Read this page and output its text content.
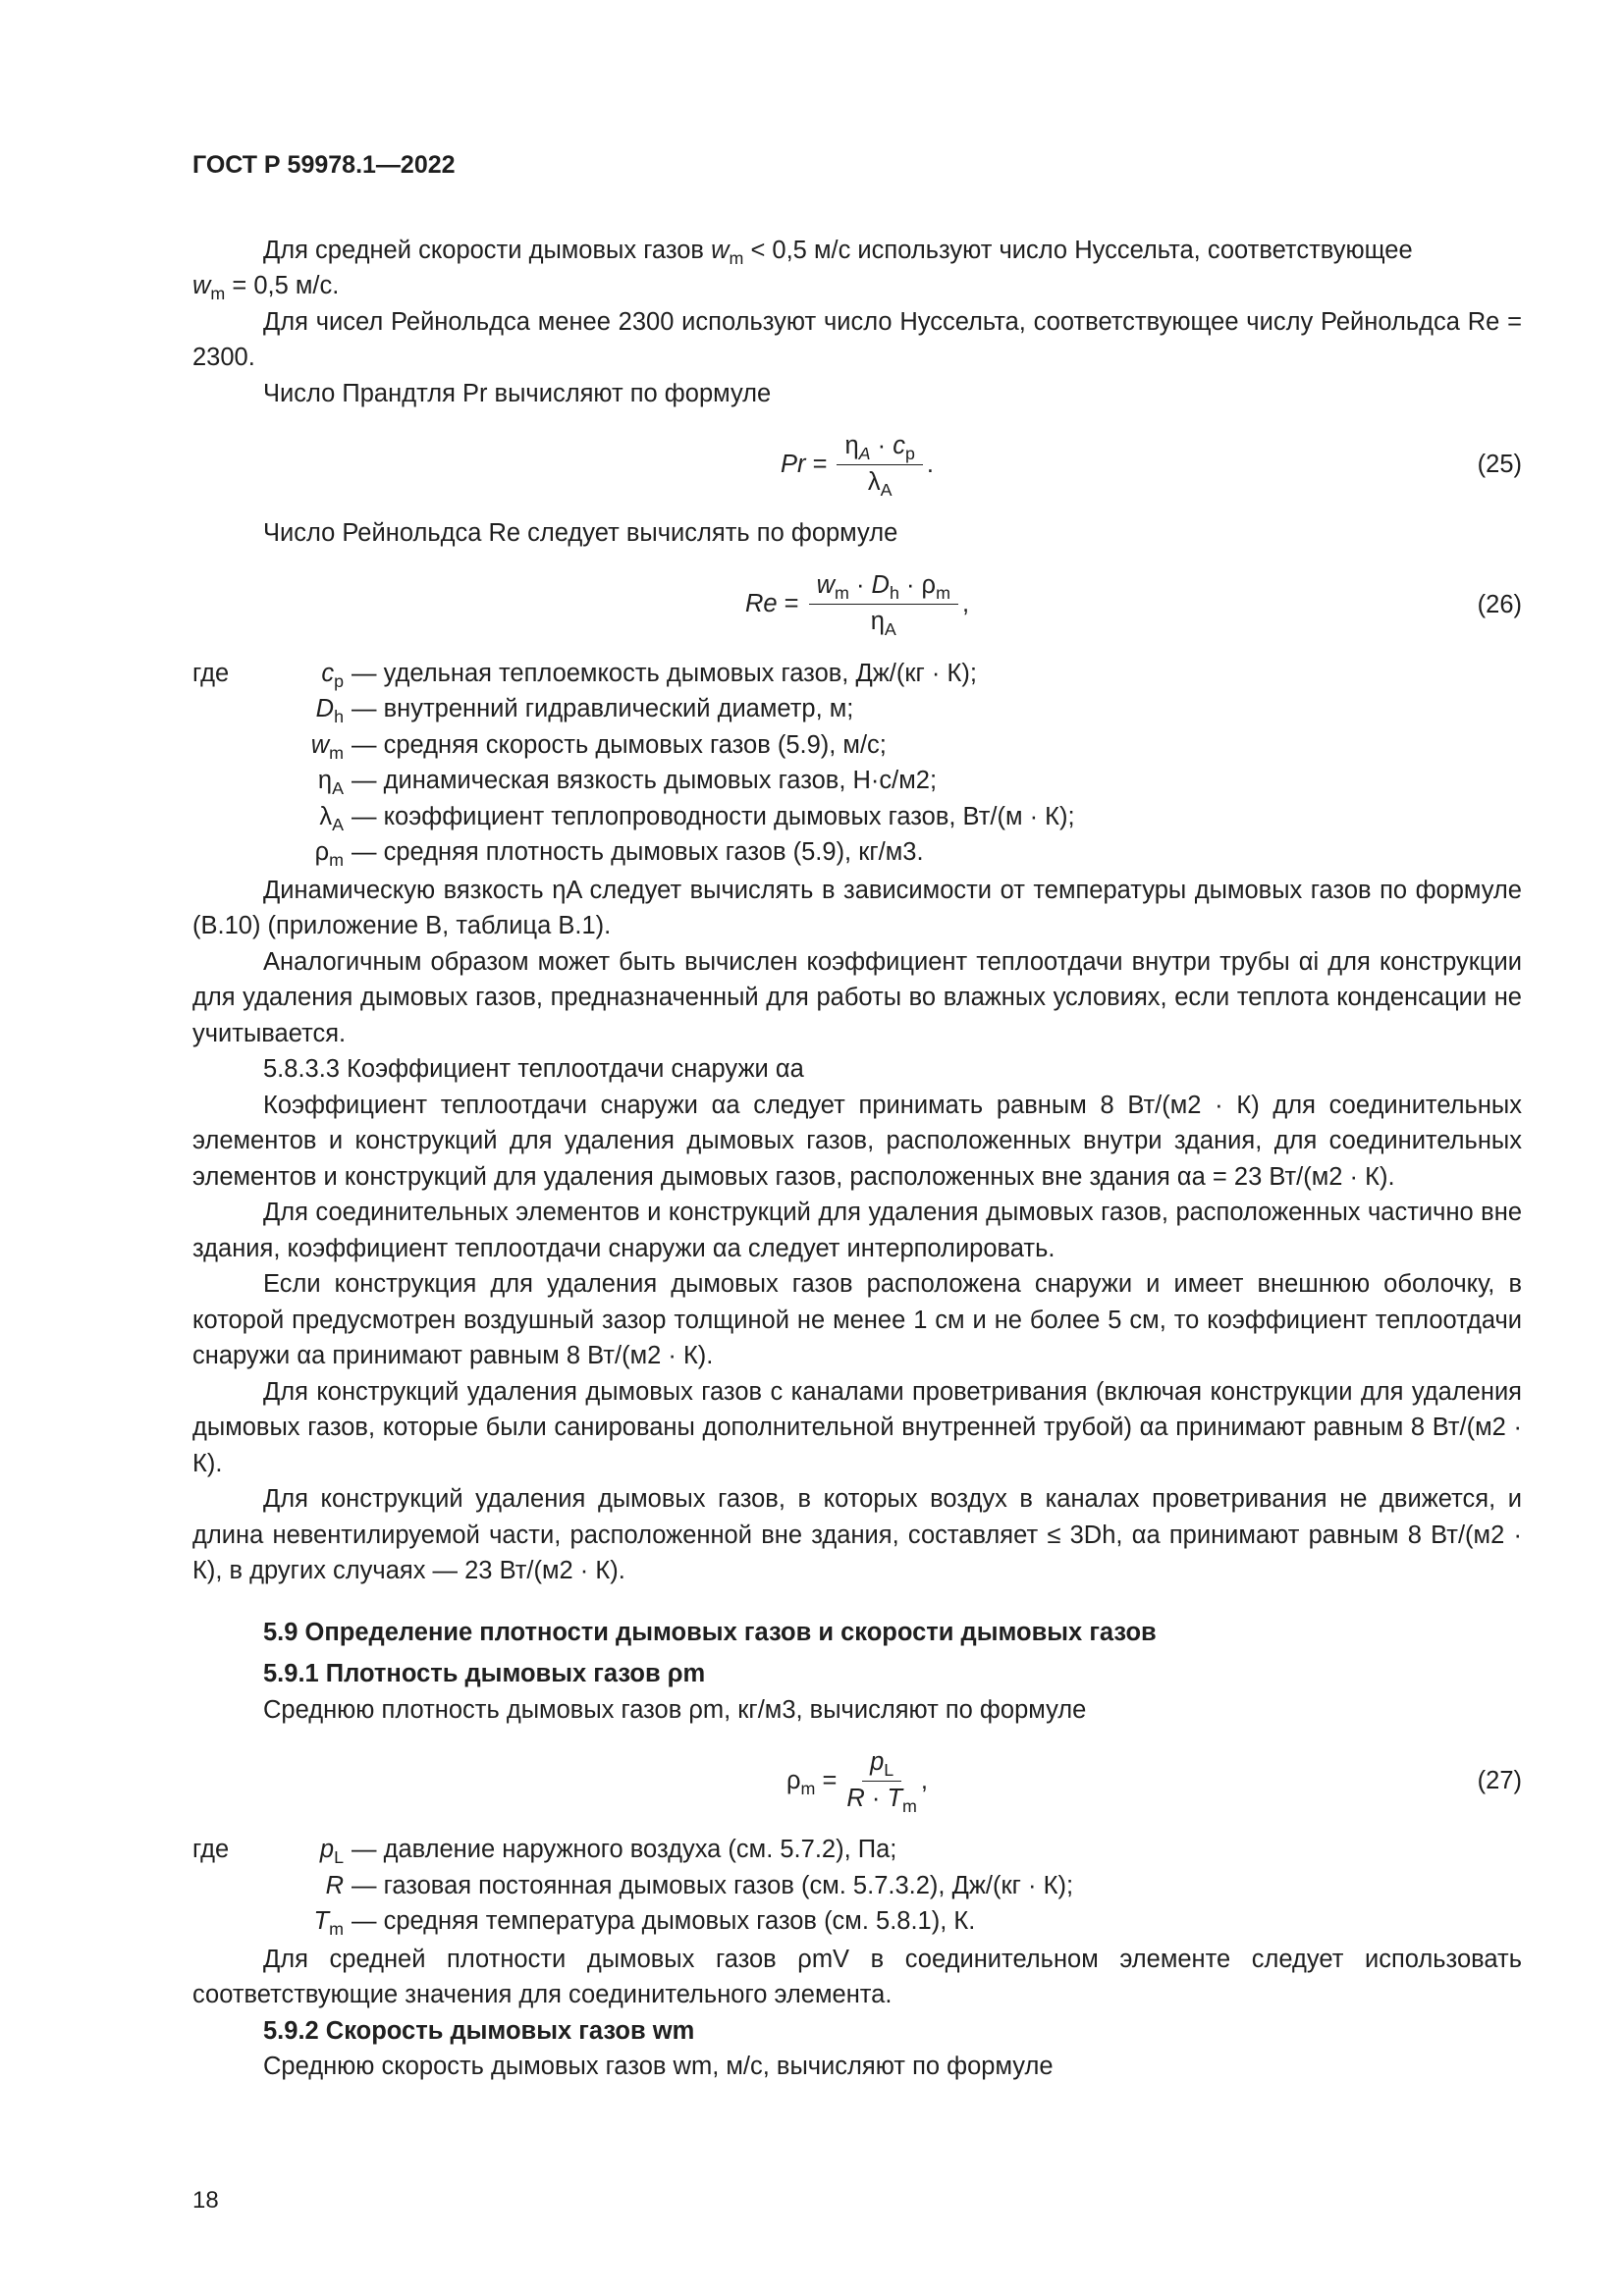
ГОСТ Р 59978.1—2022

Для средней скорости дымовых газов $w_m < 0,5$ м/с используют число Нуссельта, соответствующее

$w_m = 0,5$ м/с.

Для чисел Рейнольдса менее 2300 используют число Нуссельта, соответствующее числу Рейнольдса Re = 2300.

Число Прандтля Pr вычисляют по формуле

$Pr = \frac{\eta_A \cdot c_p}{\lambda_A}$ .	(25)

Число Рейнольдса Re следует вычислять по формуле

$Re = \frac{w_m \cdot D_h \cdot \rho_m}{\eta_A}$ ,	(26)
где	$c_p$ — удельная теплоемкость дымовых газов, Дж/(кг · К);
$D_h$ — внутренний гидравлический диаметр, м;
$w_m$ — средняя скорость дымовых газов (5.9), м/с;
$\eta_A$ — динамическая вязкость дымовых газов, Н·с/м2;
$\lambda_A$ — коэффициент теплопроводности дымовых газов, Вт/(м · К);
$\rho_m$ — средняя плотность дымовых газов (5.9), кг/м3.

Динамическую вязкость ηA следует вычислять в зависимости от температуры дымовых газов по формуле (B.10) (приложение B, таблица B.1).

Аналогичным образом может быть вычислен коэффициент теплоотдачи внутри трубы αi для конструкции для удаления дымовых газов, предназначенный для работы во влажных условиях, если теплота конденсации не учитывается.

5.8.3.3 Коэффициент теплоотдачи снаружи αa

Коэффициент теплоотдачи снаружи αa следует принимать равным 8 Вт/(м2 · К) для соединительных элементов и конструкций для удаления дымовых газов, расположенных внутри здания, для соединительных элементов и конструкций для удаления дымовых газов, расположенных вне здания αa = 23 Вт/(м2 · К).

Для соединительных элементов и конструкций для удаления дымовых газов, расположенных частично вне здания, коэффициент теплоотдачи снаружи αa следует интерполировать.

Если конструкция для удаления дымовых газов расположена снаружи и имеет внешнюю оболочку, в которой предусмотрен воздушный зазор толщиной не менее 1 см и не более 5 см, то коэффициент теплоотдачи снаружи αa принимают равным 8 Вт/(м2 · К).

Для конструкций удаления дымовых газов с каналами проветривания (включая конструкции для удаления дымовых газов, которые были санированы дополнительной внутренней трубой) αa принимают равным 8 Вт/(м2 · К).

Для конструкций удаления дымовых газов, в которых воздух в каналах проветривания не движется, и длина невентилируемой части, расположенной вне здания, составляет ≤ 3Dh, αa принимают равным 8 Вт/(м2 · К), в других случаях — 23 Вт/(м2 · К).

5.9 Определение плотности дымовых газов и скорости дымовых газов
5.9.1 Плотность дымовых газов ρm

Среднюю плотность дымовых газов ρm, кг/м3, вычисляют по формуле

$\rho_m = \frac{p_L}{R \cdot T_m}$ ,	(27)
где	$p_L$ — давление наружного воздуха (см. 5.7.2), Па;
R — газовая постоянная дымовых газов (см. 5.7.3.2), Дж/(кг · К);
$T_m$ — средняя температура дымовых газов (см. 5.8.1), К.

Для средней плотности дымовых газов ρmV в соединительном элементе следует использовать соответствующие значения для соединительного элемента.

5.9.2 Скорость дымовых газов wm

Среднюю скорость дымовых газов wm, м/с, вычисляют по формуле

18
